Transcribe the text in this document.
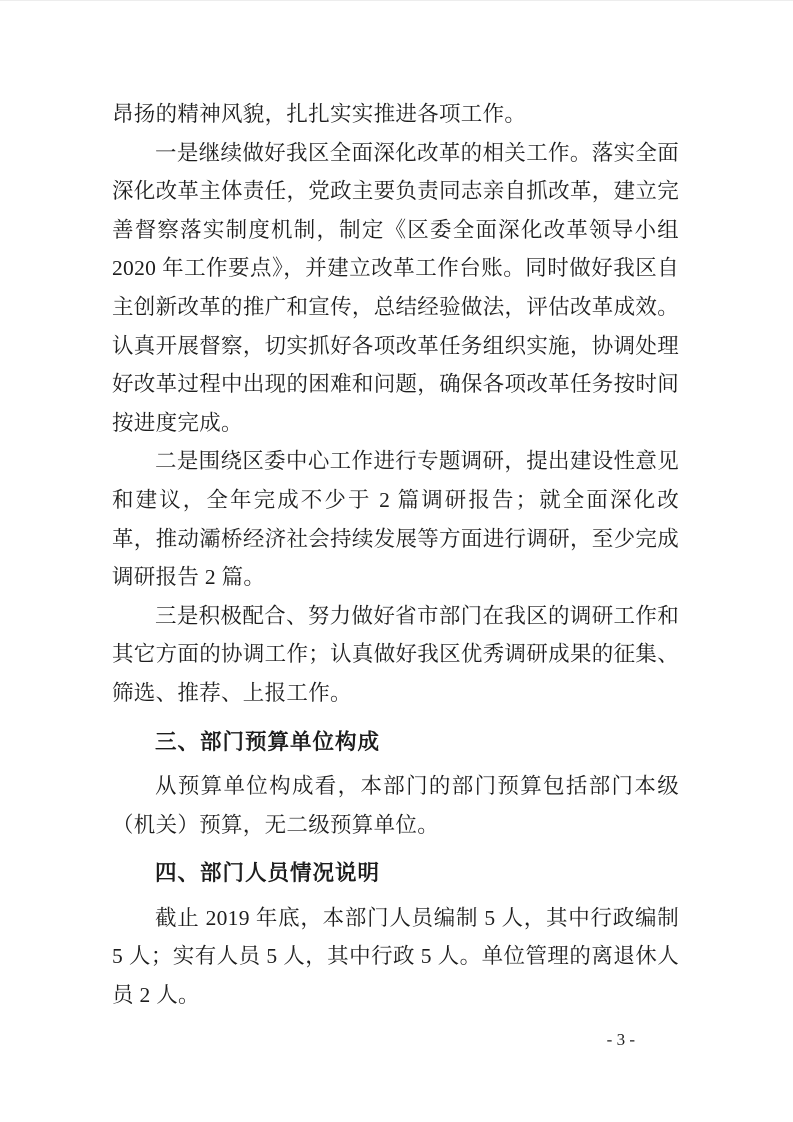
昂扬的精神风貌，扎扎实实推进各项工作。

一是继续做好我区全面深化改革的相关工作。落实全面深化改革主体责任，党政主要负责同志亲自抓改革，建立完善督察落实制度机制，制定《区委全面深化改革领导小组 2020 年工作要点》，并建立改革工作台账。同时做好我区自主创新改革的推广和宣传，总结经验做法，评估改革成效。认真开展督察，切实抓好各项改革任务组织实施，协调处理好改革过程中出现的困难和问题，确保各项改革任务按时间按进度完成。

二是围绕区委中心工作进行专题调研，提出建设性意见和建议，全年完成不少于 2 篇调研报告；就全面深化改革，推动灞桥经济社会持续发展等方面进行调研，至少完成调研报告 2 篇。

三是积极配合、努力做好省市部门在我区的调研工作和其它方面的协调工作；认真做好我区优秀调研成果的征集、筛选、推荐、上报工作。

三、部门预算单位构成

从预算单位构成看，本部门的部门预算包括部门本级（机关）预算，无二级预算单位。

四、部门人员情况说明

截止 2019 年底，本部门人员编制 5 人，其中行政编制 5 人；实有人员 5 人，其中行政 5 人。单位管理的离退休人员 2 人。

- 3 -
